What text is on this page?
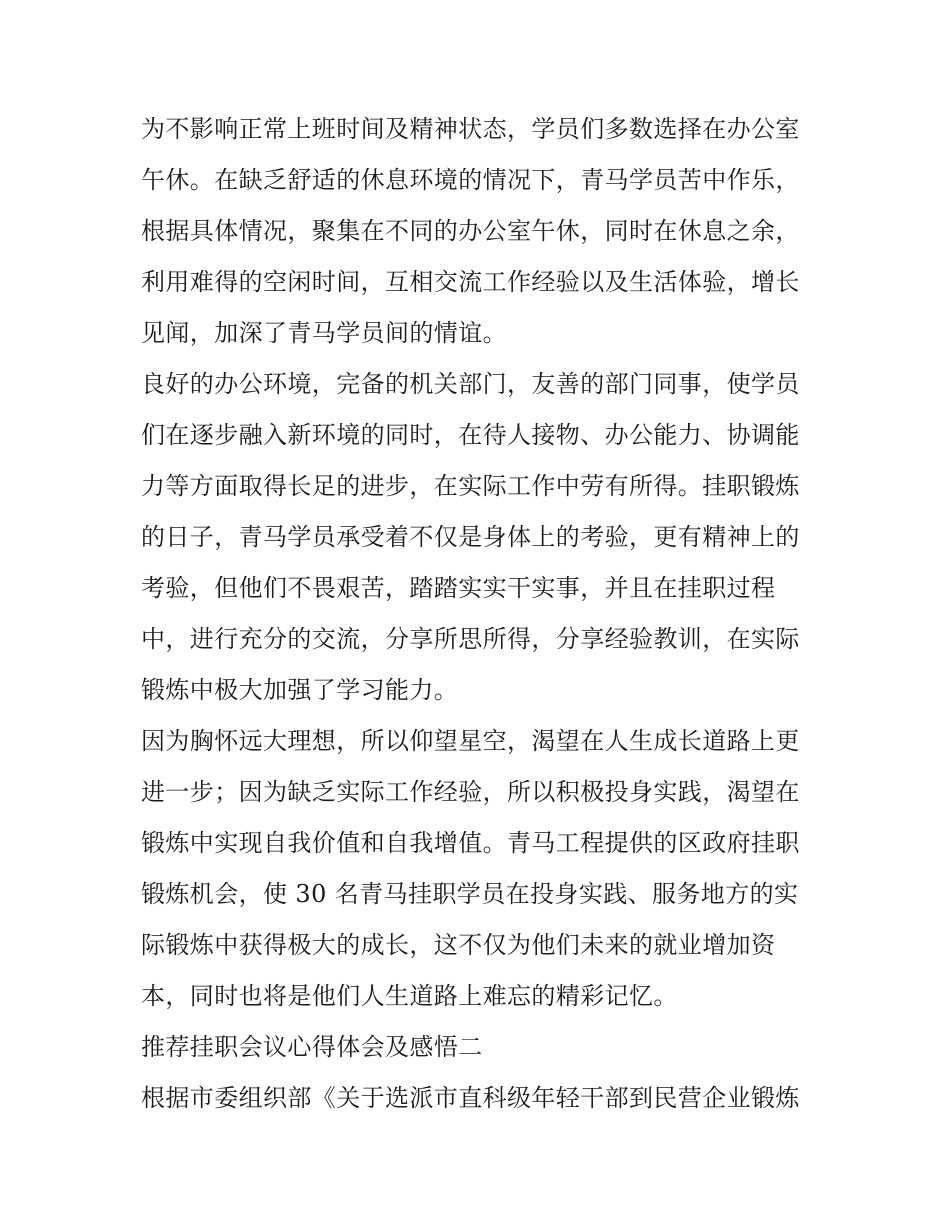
为不影响正常上班时间及精神状态，学员们多数选择在办公室
午休。在缺乏舒适的休息环境的情况下，青马学员苦中作乐，
根据具体情况，聚集在不同的办公室午休，同时在休息之余，
利用难得的空闲时间，互相交流工作经验以及生活体验，增长
见闻，加深了青马学员间的情谊。
良好的办公环境，完备的机关部门，友善的部门同事，使学员
们在逐步融入新环境的同时，在待人接物、办公能力、协调能
力等方面取得长足的进步，在实际工作中劳有所得。挂职锻炼
的日子，青马学员承受着不仅是身体上的考验，更有精神上的
考验，但他们不畏艰苦，踏踏实实干实事，并且在挂职过程
中，进行充分的交流，分享所思所得，分享经验教训，在实际
锻炼中极大加强了学习能力。
因为胸怀远大理想，所以仰望星空，渴望在人生成长道路上更
进一步；因为缺乏实际工作经验，所以积极投身实践，渴望在
锻炼中实现自我价值和自我增值。青马工程提供的区政府挂职
锻炼机会，使 30 名青马挂职学员在投身实践、服务地方的实
际锻炼中获得极大的成长，这不仅为他们未来的就业增加资
本，同时也将是他们人生道路上难忘的精彩记忆。
推荐挂职会议心得体会及感悟二
根据市委组织部《关于选派市直科级年轻干部到民营企业锻炼
